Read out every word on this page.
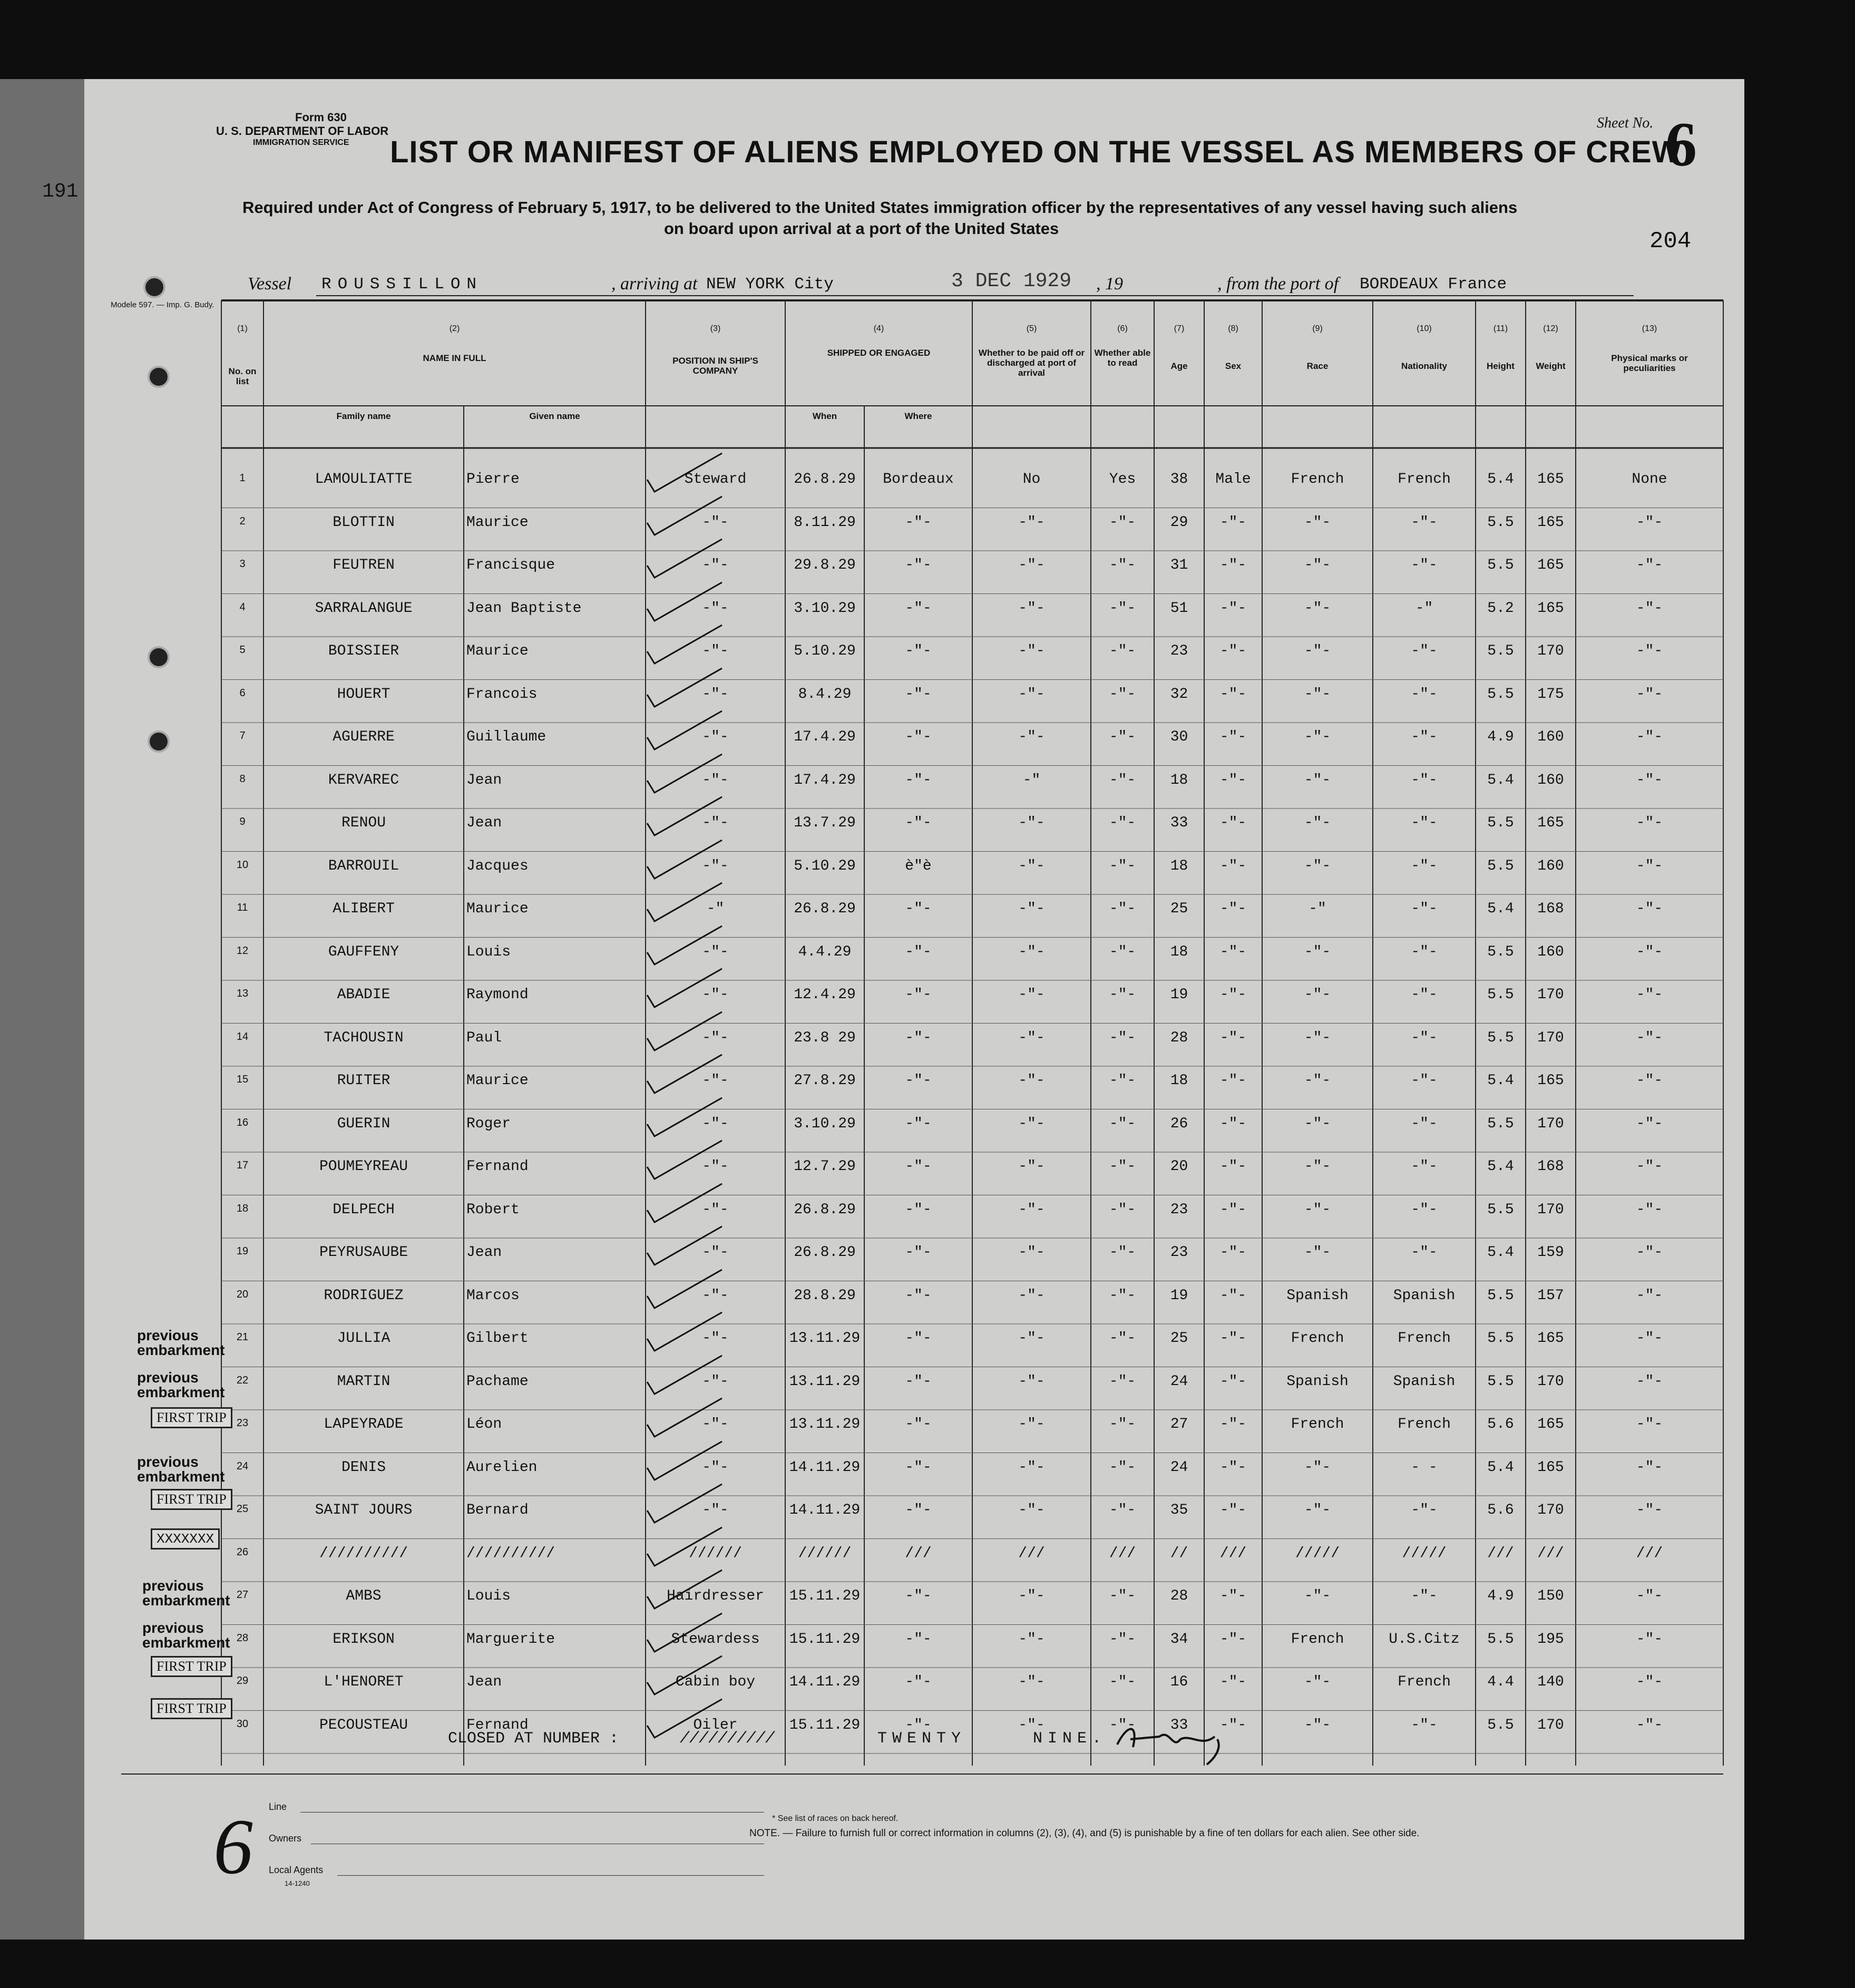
191
Form 630
U. S. DEPARTMENT OF LABOR
IMMIGRATION SERVICE LIST OR MANIFEST OF ALIENS EMPLOYED ON THE VESSEL AS MEMBERS OF CREW
Sheet No. 6
Required under Act of Congress of February 5, 1917, to be delivered to the United States immigration officer by the representatives of any vessel having such aliens
on board upon arrival at a port of the United States	204
Vessel ROUSSILLON	, arriving at NEW YORK City	3 DEC 1929 , 19	, from the port of BORDEAUX France
Modele 597. — Imp. G. Budy.
(1)
No. on list
(2)
NAME IN FULL
Family name	Given name
(3)
POSITION IN SHIP'S COMPANY
(4)
SHIPPED OR ENGAGED
When	Where
(5)
Whether to be paid off or discharged at port of arrival
(6)
Whether able to read
(7)
Age
(8)
Sex
(9)
Race
(10)
Nationality
(11)
Height
(12)
Weight
(13)
Physical marks or peculiarities
1	LAMOULIATTE	Pierre	Steward	26.8.29	Bordeaux	No	Yes	38	Male	French	French	5.4	165	None
2	BLOTTIN	Maurice	-"-	8.11.29	-"-	-"-	-"-	29	-"-	-"-	-"-	5.5	165	-"-
3	FEUTREN	Francisque	-"-	29.8.29	-"-	-"-	-"-	31	-"-	-"-	-"-	5.5	165	-"-
4	SARRALANGUE	Jean Baptiste	-"-	3.10.29	-"-	-"-	-"-	51	-"-	-"-	-"	5.2	165	-"-
5	BOISSIER	Maurice	-"-	5.10.29	-"-	-"-	-"-	23	-"-	-"-	-"-	5.5	170	-"-
6	HOUERT	Francois	-"-	8.4.29	-"-	-"-	-"-	32	-"-	-"-	-"-	5.5	175	-"-
7	AGUERRE	Guillaume	-"-	17.4.29	-"-	-"-	-"-	30	-"-	-"-	-"-	4.9	160	-"-
8	KERVAREC	Jean	-"-	17.4.29	-"-	-"	-"-	18	-"-	-"-	-"-	5.4	160	-"-
9	RENOU	Jean	-"-	13.7.29	-"-	-"-	-"-	33	-"-	-"-	-"-	5.5	165	-"-
10	BARROUIL	Jacques	-"-	5.10.29	è"è	-"-	-"-	18	-"-	-"-	-"-	5.5	160	-"-
11	ALIBERT	Maurice	-"	26.8.29	-"-	-"-	-"-	25	-"-	-"	-"-	5.4	168	-"-
12	GAUFFENY	Louis	-"-	4.4.29	-"-	-"-	-"-	18	-"-	-"-	-"-	5.5	160	-"-
13	ABADIE	Raymond	-"-	12.4.29	-"-	-"-	-"-	19	-"-	-"-	-"-	5.5	170	-"-
14	TACHOUSIN	Paul	-"-	23.8 29	-"-	-"-	-"-	28	-"-	-"-	-"-	5.5	170	-"-
15	RUITER	Maurice	-"-	27.8.29	-"-	-"-	-"-	18	-"-	-"-	-"-	5.4	165	-"-
16	GUERIN	Roger	-"-	3.10.29	-"-	-"-	-"-	26	-"-	-"-	-"-	5.5	170	-"-
17	POUMEYREAU	Fernand	-"-	12.7.29	-"-	-"-	-"-	20	-"-	-"-	-"-	5.4	168	-"-
18	DELPECH	Robert	-"-	26.8.29	-"-	-"-	-"-	23	-"-	-"-	-"-	5.5	170	-"-
19	PEYRUSAUBE	Jean	-"-	26.8.29	-"-	-"-	-"-	23	-"-	-"-	-"-	5.4	159	-"-
20	RODRIGUEZ	Marcos	-"-	28.8.29	-"-	-"-	-"-	19	-"-	Spanish	Spanish	5.5	157	-"-
21	JULLIA	Gilbert	-"-	13.11.29	-"-	-"-	-"-	25	-"-	French	French	5.5	165	-"-
22	MARTIN	Pachame	-"-	13.11.29	-"-	-"-	-"-	24	-"-	Spanish	Spanish	5.5	170	-"-
23	LAPEYRADE	Léon	-"-	13.11.29	-"-	-"-	-"-	27	-"-	French	French	5.6	165	-"-
24	DENIS	Aurelien	-"-	14.11.29	-"-	-"-	-"-	24	-"-	-"-	- -	5.4	165	-"-
25	SAINT JOURS	Bernard	-"-	14.11.29	-"-	-"-	-"-	35	-"-	-"-	-"-	5.6	170	-"-
26	//////////	//////////	//////	//////	///	///	///	//	///	/////	/////	///	///	///
27	AMBS	Louis	Hairdresser	15.11.29	-"-	-"-	-"-	28	-"-	-"-	-"-	4.9	150	-"-
28	ERIKSON	Marguerite	Stewardess	15.11.29	-"-	-"-	-"-	34	-"-	French	U.S.Citz	5.5	195	-"-
29	L'HENORET	Jean	Cabin boy	14.11.29	-"-	-"-	-"-	16	-"-	-"-	French	4.4	140	-"-
30	PECOUSTEAU	Fernand	Oiler	15.11.29	-"-	-"-	-"-	33	-"-	-"-	-"-	5.5	170	-"-
previous embarkment
previous embarkment
FIRST TRIP
previous embarkment
FIRST TRIP
XXXXXXX
previous embarkment
previous embarkment
FIRST TRIP
FIRST TRIP
CLOSED AT NUMBER :	//////////	TWENTY	NINE.
Line
Owners
Local Agents
14-1240
* See list of races on back hereof.
NOTE. — Failure to furnish full or correct information in columns (2), (3), (4), and (5) is punishable by a fine of ten dollars for each alien. See other side.
6
